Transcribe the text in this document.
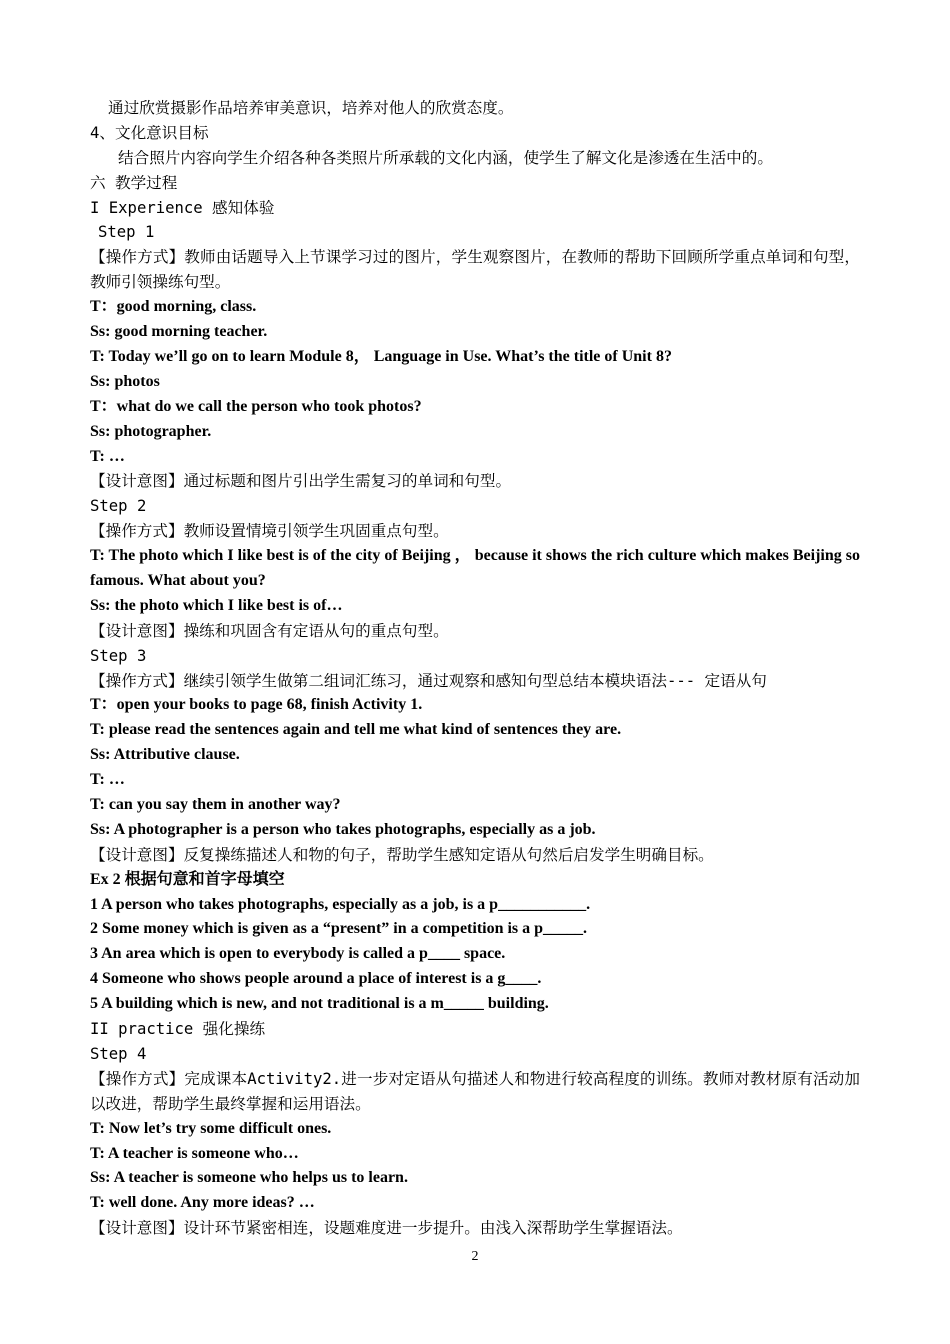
通过欣赏摄影作品培养审美意识，培养对他人的欣赏态度。
4、文化意识目标
结合照片内容向学生介绍各种各类照片所承载的文化内涵，使学生了解文化是渗透在生活中的。
六 教学过程
I Experience 感知体验
Step 1
【操作方式】教师由话题导入上节课学习过的图片，学生观察图片，在教师的帮助下回顾所学重点单词和句型，教师引领操练句型。
T：good morning, class.
Ss: good morning teacher.
T: Today we’ll go on to learn Module 8， Language in Use. What’s the title of Unit 8?
Ss: photos
T：what do we call the person who took photos?
Ss: photographer.
T: …
【设计意图】通过标题和图片引出学生需复习的单词和句型。
Step 2
【操作方式】教师设置情境引领学生巩固重点句型。
T: The photo which I like best is of the city of Beijing ， because it shows the rich culture which makes Beijing so famous. What about you?
Ss: the photo which I like best is of…
【设计意图】操练和巩固含有定语从句的重点句型。
Step 3
【操作方式】继续引领学生做第二组词汇练习，通过观察和感知句型总结本模块语法--- 定语从句
T：open your books to page 68, finish Activity 1.
T: please read the sentences again and tell me what kind of sentences they are.
Ss: Attributive clause.
T: …
T: can you say them in another way?
Ss: A photographer is a person who takes photographs, especially as a job.
【设计意图】反复操练描述人和物的句子，帮助学生感知定语从句然后启发学生明确目标。
Ex 2 根据句意和首字母填空
1 A person who takes photographs, especially as a job, is a p___________.
2 Some money which is given as a “present” in a competition is a p_____.
3 An area which is open to everybody is called a p____ space.
4 Someone who shows people around a place of interest is a g____.
5 A building which is new, and not traditional is a m_____ building.
II practice 强化操练
Step 4
【操作方式】完成课本Activity2.进一步对定语从句描述人和物进行较高程度的训练。教师对教材原有活动加以改进，帮助学生最终掌握和运用语法。
T: Now let’s try some difficult ones.
T: A teacher is someone who…
Ss: A teacher is someone who helps us to learn.
T: well done. Any more ideas? …
【设计意图】设计环节紧密相连，设题难度进一步提升。由浅入深帮助学生掌握语法。
2
